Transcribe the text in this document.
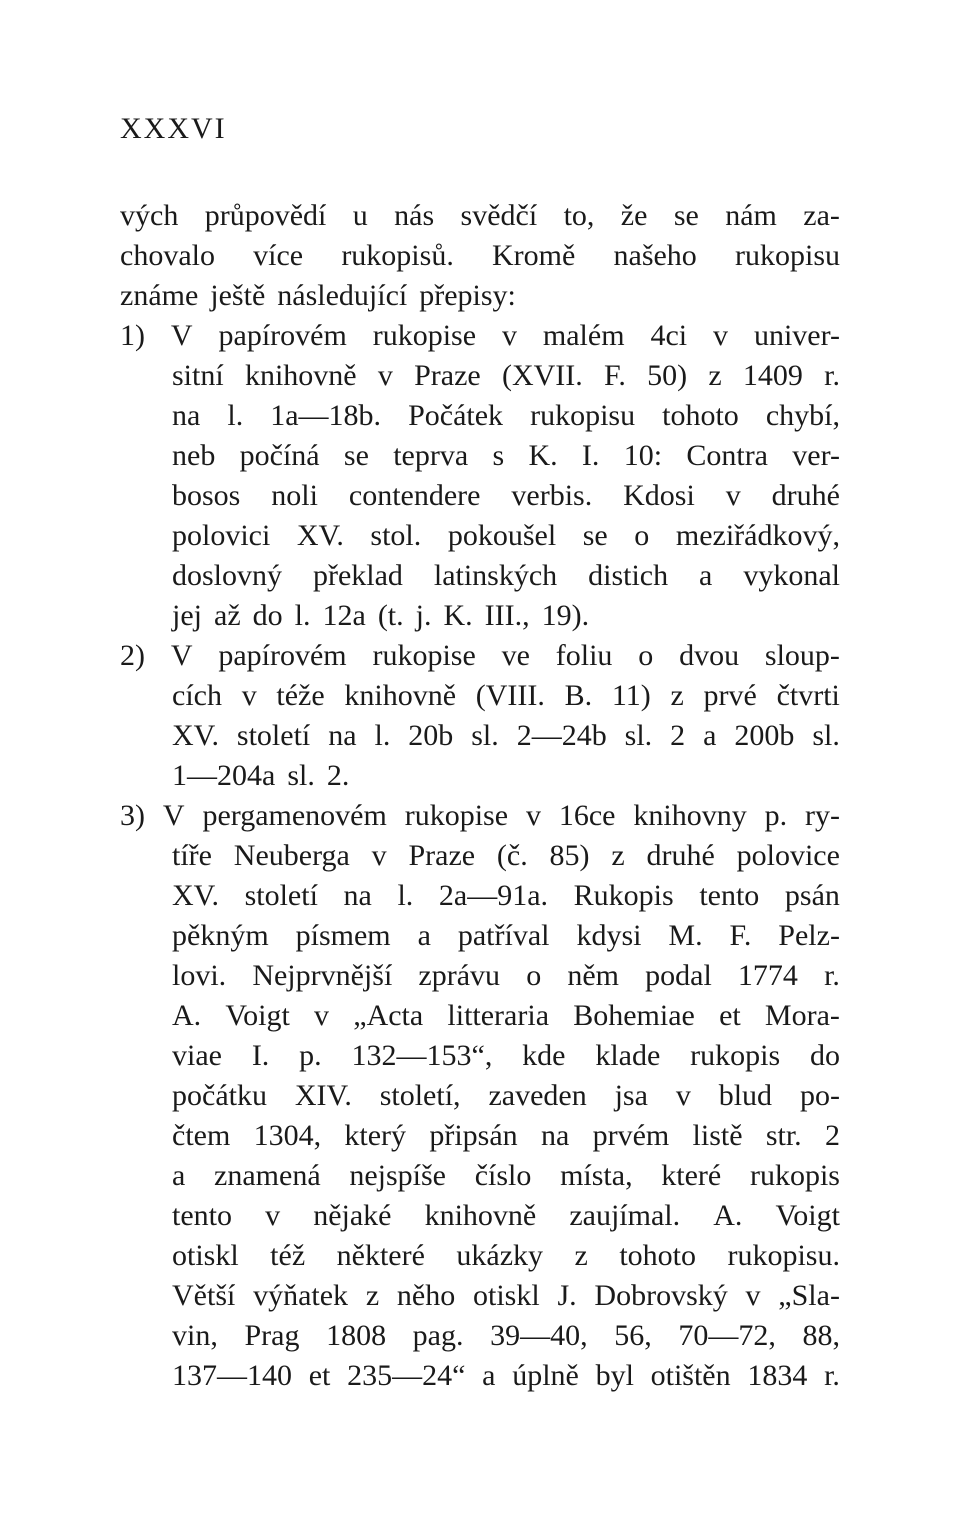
XXXVI
vých průpovědí u nás svědčí to, že se nám za-
chovalo více rukopisů. Kromě našeho rukopisu
známe ještě následující přepisy:
1) V papírovém rukopise v malém 4ci v univer-
sitní knihovně v Praze (XVII. F. 50) z 1409 r.
na l. 1a—18b. Počátek rukopisu tohoto chybí,
neb počíná se teprva s K. I. 10: Contra ver-
bosos noli contendere verbis. Kdosi v druhé
polovici XV. stol. pokoušel se o meziřádkový,
doslovný překlad latinských distich a vykonal
jej až do l. 12a (t. j. K. III., 19).
2) V papírovém rukopise ve foliu o dvou sloup-
cích v téže knihovně (VIII. B. 11) z prvé čtvrti
XV. století na l. 20b sl. 2—24b sl. 2 a 200b sl.
1—204a sl. 2.
3) V pergamenovém rukopise v 16ce knihovny p. ry-
tíře Neuberga v Praze (č. 85) z druhé polovice
XV. století na l. 2a—91a. Rukopis tento psán
pěkným písmem a patříval kdysi M. F. Pelz-
lovi. Nejprvnější zprávu o něm podal 1774 r.
A. Voigt v „Acta litteraria Bohemiae et Mora-
viae I. p. 132—153“, kde klade rukopis do
počátku XIV. století, zaveden jsa v blud po-
čtem 1304, který připsán na prvém listě str. 2
a znamená nejspíše číslo místa, které rukopis
tento v nějaké knihovně zaujímal. A. Voigt
otiskl též některé ukázky z tohoto rukopisu.
Větší výňatek z něho otiskl J. Dobrovský v „Sla-
vin, Prag 1808 pag. 39—40, 56, 70—72, 88,
137—140 et 235—24“ a úplně byl otištěn 1834 r.
